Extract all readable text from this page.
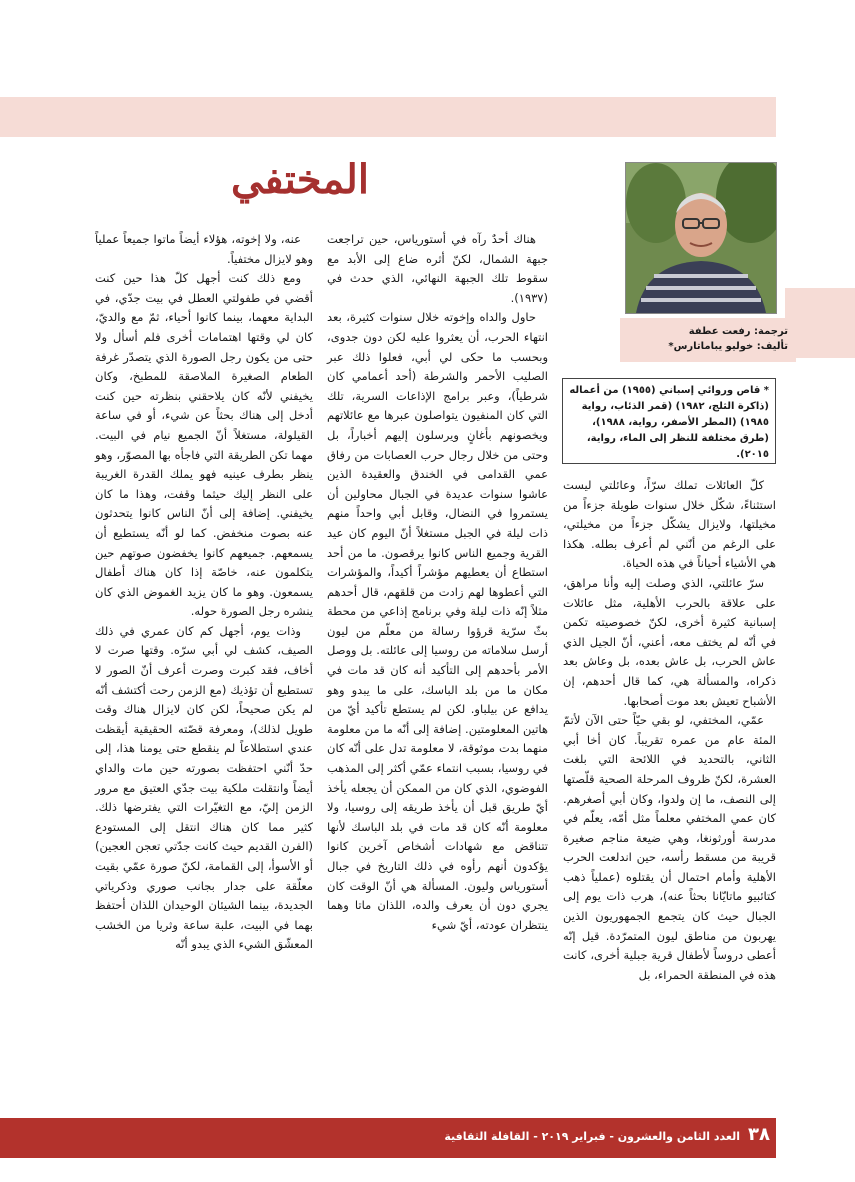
المختفي
ترجمة: رفعت عطفة
تأليف: خوليو يباماتارس*
* قاص وروائي إسباني (١٩٥٥) من أعماله (ذاكرة الثلج، ١٩٨٢) (قمر الذئاب، رواية ١٩٨٥) (المطر الأصفر، رواية، ١٩٨٨)، (طرق مختلفة للنظر إلى الماء، رواية، ٢٠١٥).

كلّ العائلات تملك سرّاً، وعائلتي ليست استثناءً، شكّل خلال سنوات طويلة جزءاً من مخيلتها، ولايزال يشكّل جزءاً من مخيلتي، على الرغم من أنّني لم أعرف بطله. هكذا هي الأشياء أحياناً في هذه الحياة.

سرّ عائلتي، الذي وصلت إليه وأنا مراهق، على علاقة بالحرب الأهلية، مثل عائلات إسبانية كثيرة أخرى، لكنّ خصوصيته تكمن في أنّه لم يختف معه، أعني، أنّ الجيل الذي عاش الحرب، بل عاش بعده، بل وعاش بعد ذكراه، والمسألة هي، كما قال أحدهم، إن الأشباح تعيش بعد موت أصحابها.

عمّي، المختفي، لو بقي حيّاً حتى الآن لأتمّ المئة عام من عمره تقريباً. كان أخا أبي الثاني، بالتحديد في اللائحة التي بلغت العشرة، لكنّ ظروف المرحلة الصحية قلّصتها إلى النصف، ما إن ولدوا، وكان أبي أصغرهم. كان عمي المختفي معلماً مثل أمّه، يعلّم في مدرسة أورثونغا، وهي ضيعة مناجم صغيرة قريبة من مسقط رأسه، حين اندلعت الحرب الأهلية وأمام احتمال أن يقتلوه (عملياً ذهب كتائبيو ماتايّانا بحثاً عنه)، هرب ذات يوم إلى الجبال حيث كان يتجمع الجمهوريون الذين يهربون من مناطق ليون المتمرّدة. قيل إنّه أعطى دروساً لأطفال قرية جبلية أخرى، كانت هذه في المنطقة الحمراء، بل

هناك أحدٌ رآه في أستورياس، حين تراجعت جبهة الشمال، لكنّ أثره ضاع إلى الأبد مع سقوط تلك الجبهة النهائي، الذي حدث في (١٩٣٧).

حاول والداه وإخوته خلال سنوات كثيرة، بعد انتهاء الحرب، أن يعثروا عليه لكن دون جدوى، وبحسب ما حكى لي أبي، فعلوا ذلك عبر الصليب الأحمر والشرطة (أحد أعمامي كان شرطياً)، وعبر برامج الإذاعات السرية، تلك التي كان المنفيون يتواصلون عبرها مع عائلاتهم ويخصونهم بأغانٍ ويرسلون إليهم أخباراً، بل وحتى من خلال رجال حرب العصابات من رفاق عمي القدامى في الخندق والعقيدة الذين عاشوا سنوات عديدة في الجبال محاولين أن يستمروا في النضال، وقابل أبي واحداً منهم ذات ليلة في الجبل مستغلاً أنّ اليوم كان عيد القرية وجميع الناس كانوا يرقصون. ما من أحد استطاع أن يعطيهم مؤشراً أكيداً، والمؤشرات التي أعطوها لهم زادت من قلقهم، قال أحدهم مثلاً إنّه ذات ليلة وفي برنامج إذاعي من محطة بثّ سرّية قرؤوا رسالة من معلّم من ليون أرسل سلاماته من روسيا إلى عائلته. بل ووصل الأمر بأحدهم إلى التأكيد أنه كان قد مات في مكان ما من بلد الباسك، على ما يبدو وهو يدافع عن بيلباو. لكن لم يستطع تأكيد أيّ من هاتين المعلومتين. إضافة إلى أنّه ما من معلومة منهما بدت موثوقة، لا معلومة تدل على أنّه كان في روسيا، بسبب انتماء عمّي أكثر إلى المذهب الفوضوي، الذي كان من الممكن أن يجعله يأخذ أيّ طريق قبل أن يأخذ طريقه إلى روسيا، ولا معلومة أنّه كان قد مات في بلد الباسك لأنها تتناقض مع شهادات أشخاص آخرين كانوا يؤكدون أنهم رأوه في ذلك التاريخ في جبال أستورياس وليون. المسألة هي أنّ الوقت كان يجري دون أن يعرف والده، اللذان ماتا وهما ينتظران عودته، أيّ شيء

عنه، ولا إخوته، هؤلاء أيضاً ماتوا جميعاً عملياً وهو لايزال مختفياً.

ومع ذلك كنت أجهل كلّ هذا حين كنت أقضي في طفولتي العطل في بيت جدّي، في البداية معهما، بينما كانوا أحياء، ثمّ مع والديّ، كان لي وقتها اهتمامات أخرى فلم أسأل ولا حتى من يكون رجل الصورة الذي يتصدّر غرفة الطعام الصغيرة الملاصقة للمطبخ، وكان يخيفني لأنّه كان يلاحقني بنظرته حين كنت أدخل إلى هناك بحثاً عن شيء، أو في ساعة القيلولة، مستغلاً أنّ الجميع نيام في البيت. مهما تكن الطريقة التي فاجأه بها المصوّر، وهو ينظر بطرف عينيه فهو يملك القدرة الغريبة على النظر إليك حيثما وقفت، وهذا ما كان يخيفني. إضافة إلى أنّ الناس كانوا يتحدثون عنه بصوت منخفض. كما لو أنّه يستطيع أن يسمعهم. جميعهم كانوا يخفضون صوتهم حين يتكلمون عنه، خاصّة إذا كان هناك أطفال يسمعون. وهو ما كان يزيد الغموض الذي كان ينشره رجل الصورة حوله.

وذات يوم، أجهل كم كان عمري في ذلك الصيف، كشف لي أبي سرّه. وقتها صرت لا أخاف، فقد كبرت وصرت أعرف أنّ الصور لا تستطيع أن تؤذيك (مع الزمن رحت أكتشف أنّه لم يكن صحيحاً، لكن كان لايزال هناك وقت طويل لذلك)، ومعرفة قصّته الحقيقية أيقظت عندي استطلاعاً لم ينقطع حتى يومنا هذا، إلى حدّ أنّني احتفظت بصورته حين مات والداي أيضاً وانتقلت ملكية بيت جدّي العتيق مع مرور الزمن إليّ، مع التغيّرات التي يفترضها ذلك. كثير مما كان هناك انتقل إلى المستودع (الفرن القديم حيث كانت جدّتي تعجن العجين) أو الأسوأ، إلى القمامة، لكنّ صورة عمّي بقيت معلّقة على جدار بجانب صوري وذكرياتي الجديدة، بينما الشيئان الوحيدان اللذان أحتفظ بهما في البيت، علبة ساعة وثريا من الخشب المعشّق الشيء الذي يبدو أنّه

٣٨
العدد الثامن والعشرون - فبراير ٢٠١٩ - القافلة الثقافية
